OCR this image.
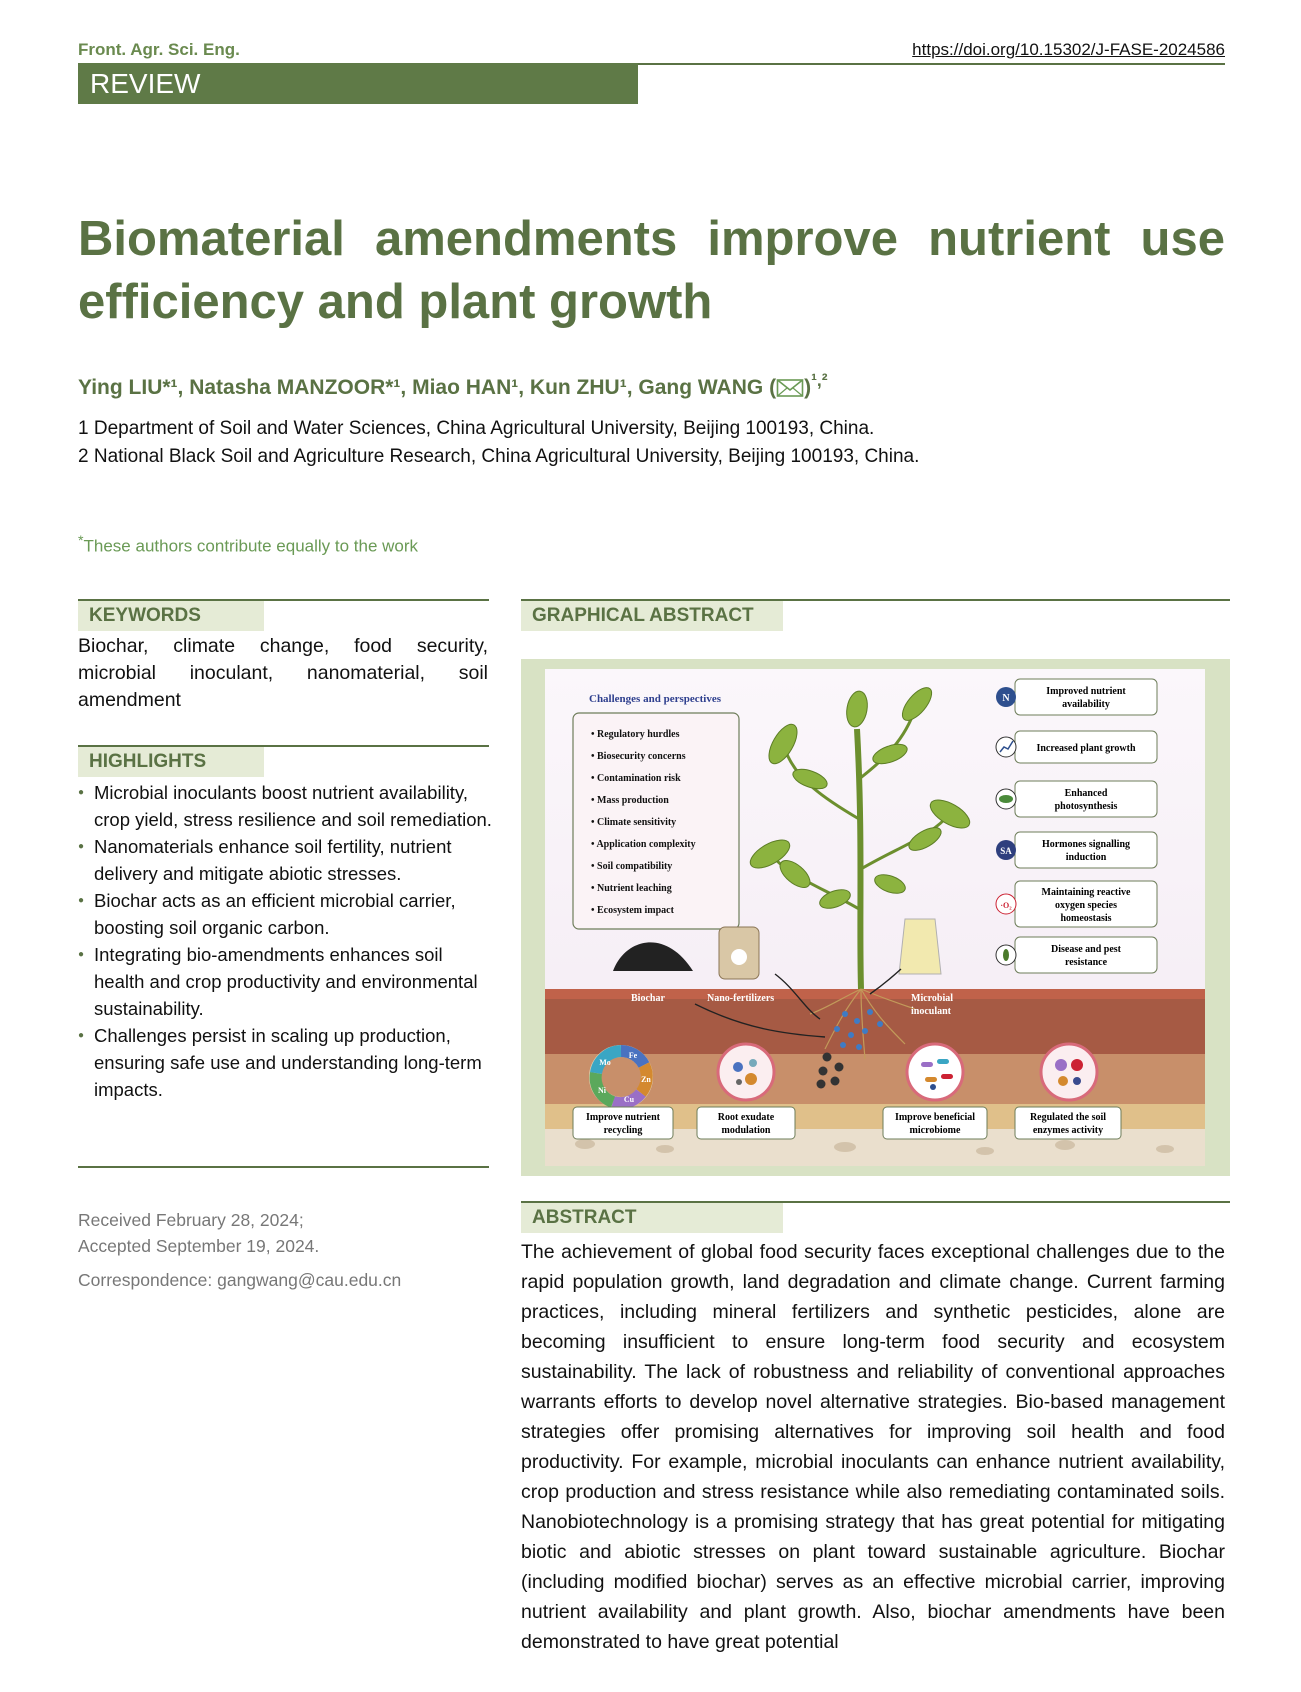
Front. Agr. Sci. Eng.	https://doi.org/10.15302/J-FASE-2024586
REVIEW
Biomaterial amendments improve nutrient use efficiency and plant growth
Ying LIU*¹, Natasha MANZOOR*¹, Miao HAN¹, Kun ZHU¹, Gang WANG ( )$^{^1,^2}$
1 Department of Soil and Water Sciences, China Agricultural University, Beijing 100193, China.
2 National Black Soil and Agriculture Research, China Agricultural University, Beijing 100193, China.
*These authors contribute equally to the work
KEYWORDS
Biochar, climate change, food security, microbial inoculant, nanomaterial, soil amendment
HIGHLIGHTS
● Microbial inoculants boost nutrient availability, crop yield, stress resilience and soil remediation.
● Nanomaterials enhance soil fertility, nutrient delivery and mitigate abiotic stresses.
● Biochar acts as an efficient microbial carrier, boosting soil organic carbon.
● Integrating bio-amendments enhances soil health and crop productivity and environmental sustainability.
● Challenges persist in scaling up production, ensuring safe use and understanding long-term impacts.
Received February 28, 2024;
Accepted September 19, 2024.
Correspondence: gangwang@cau.edu.cn
GRAPHICAL ABSTRACT
Challenges and perspectives
• Regulatory hurdles
• Biosecurity concerns
• Contamination risk
• Mass production
• Climate sensitivity
• Application complexity
• Soil compatibility
• Nutrient leaching
• Ecosystem impact
Biochar	Nano-fertilizers	Microbial
inoculant
N
Improved nutrient
availability
Increased plant growth
Enhanced
photosynthesis
SA
Hormones signalling
induction
·O₂
Maintaining reactive
oxygen species
homeostasis
Disease and pest
resistance
Fe
Zn
Cu
Ni
Mo
Improve nutrient
recycling
Root exudate
modulation
Improve beneficial
microbiome
Regulated the soil
enzymes activity
ABSTRACT
The achievement of global food security faces exceptional challenges due to the rapid population growth, land degradation and climate change. Current farming practices, including mineral fertilizers and synthetic pesticides, alone are becoming insufficient to ensure long-term food security and ecosystem sustainability. The lack of robustness and reliability of conventional approaches warrants efforts to develop novel alternative strategies. Bio-based management strategies offer promising alternatives for improving soil health and food productivity. For example, microbial inoculants can enhance nutrient availability, crop production and stress resistance while also remediating contaminated soils. Nanobiotechnology is a promising strategy that has great potential for mitigating biotic and abiotic stresses on plant toward sustainable agriculture. Biochar (including modified biochar) serves as an effective microbial carrier, improving nutrient availability and plant growth. Also, biochar amendments have been demonstrated to have great potential
